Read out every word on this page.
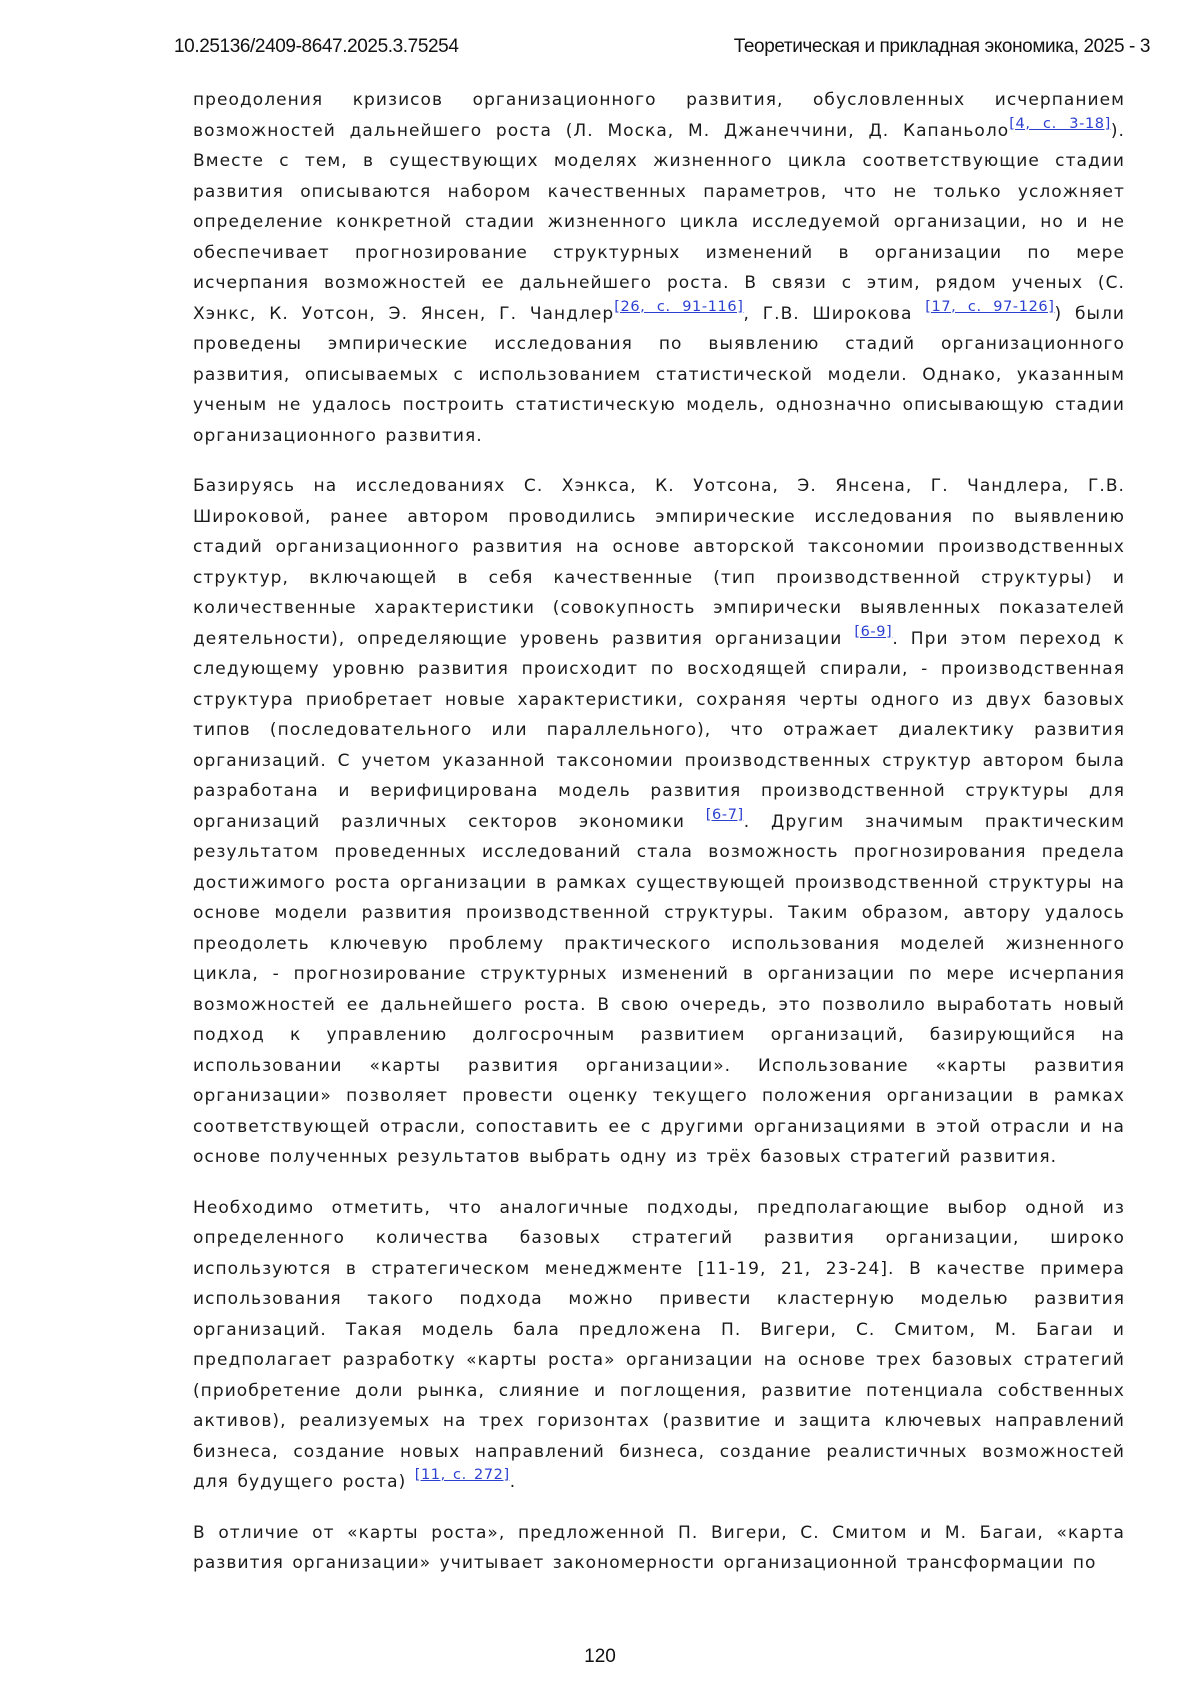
10.25136/2409-8647.2025.3.75254	Теоретическая и прикладная экономика, 2025 - 3

преодоления кризисов организационного развития, обусловленных исчерпанием возможностей дальнейшего роста (Л. Моска, М. Джанеччини, Д. Капаньоло[4, с. 3-18]). Вместе с тем, в существующих моделях жизненного цикла соответствующие стадии развития описываются набором качественных параметров, что не только усложняет определение конкретной стадии жизненного цикла исследуемой организации, но и не обеспечивает прогнозирование структурных изменений в организации по мере исчерпания возможностей ее дальнейшего роста. В связи с этим, рядом ученых (С. Хэнкс, К. Уотсон, Э. Янсен, Г. Чандлер[26, с. 91-116], Г.В. Широкова [17, с. 97-126]) были проведены эмпирические исследования по выявлению стадий организационного развития, описываемых с использованием статистической модели. Однако, указанным ученым не удалось построить статистическую модель, однозначно описывающую стадии организационного развития.

Базируясь на исследованиях С. Хэнкса, К. Уотсона, Э. Янсена, Г. Чандлера, Г.В. Широковой, ранее автором проводились эмпирические исследования по выявлению стадий организационного развития на основе авторской таксономии производственных структур, включающей в себя качественные (тип производственной структуры) и количественные характеристики (совокупность эмпирически выявленных показателей деятельности), определяющие уровень развития организации [6-9]. При этом переход к следующему уровню развития происходит по восходящей спирали, - производственная структура приобретает новые характеристики, сохраняя черты одного из двух базовых типов (последовательного или параллельного), что отражает диалектику развития организаций. С учетом указанной таксономии производственных структур автором была разработана и верифицирована модель развития производственной структуры для организаций различных секторов экономики [6-7]. Другим значимым практическим результатом проведенных исследований стала возможность прогнозирования предела достижимого роста организации в рамках существующей производственной структуры на основе модели развития производственной структуры. Таким образом, автору удалось преодолеть ключевую проблему практического использования моделей жизненного цикла, - прогнозирование структурных изменений в организации по мере исчерпания возможностей ее дальнейшего роста. В свою очередь, это позволило выработать новый подход к управлению долгосрочным развитием организаций, базирующийся на использовании «карты развития организации». Использование «карты развития организации» позволяет провести оценку текущего положения организации в рамках соответствующей отрасли, сопоставить ее с другими организациями в этой отрасли и на основе полученных результатов выбрать одну из трёх базовых стратегий развития.

Необходимо отметить, что аналогичные подходы, предполагающие выбор одной из определенного количества базовых стратегий развития организации, широко используются в стратегическом менеджменте [11-19, 21, 23-24]. В качестве примера использования такого подхода можно привести кластерную моделью развития организаций. Такая модель бала предложена П. Вигери, С. Смитом, М. Багаи и предполагает разработку «карты роста» организации на основе трех базовых стратегий (приобретение доли рынка, слияние и поглощения, развитие потенциала собственных активов), реализуемых на трех горизонтах (развитие и защита ключевых направлений бизнеса, создание новых направлений бизнеса, создание реалистичных возможностей для будущего роста) [11, с. 272].

В отличие от «карты роста», предложенной П. Вигери, С. Смитом и М. Багаи, «карта развития организации» учитывает закономерности организационной трансформации по

120
